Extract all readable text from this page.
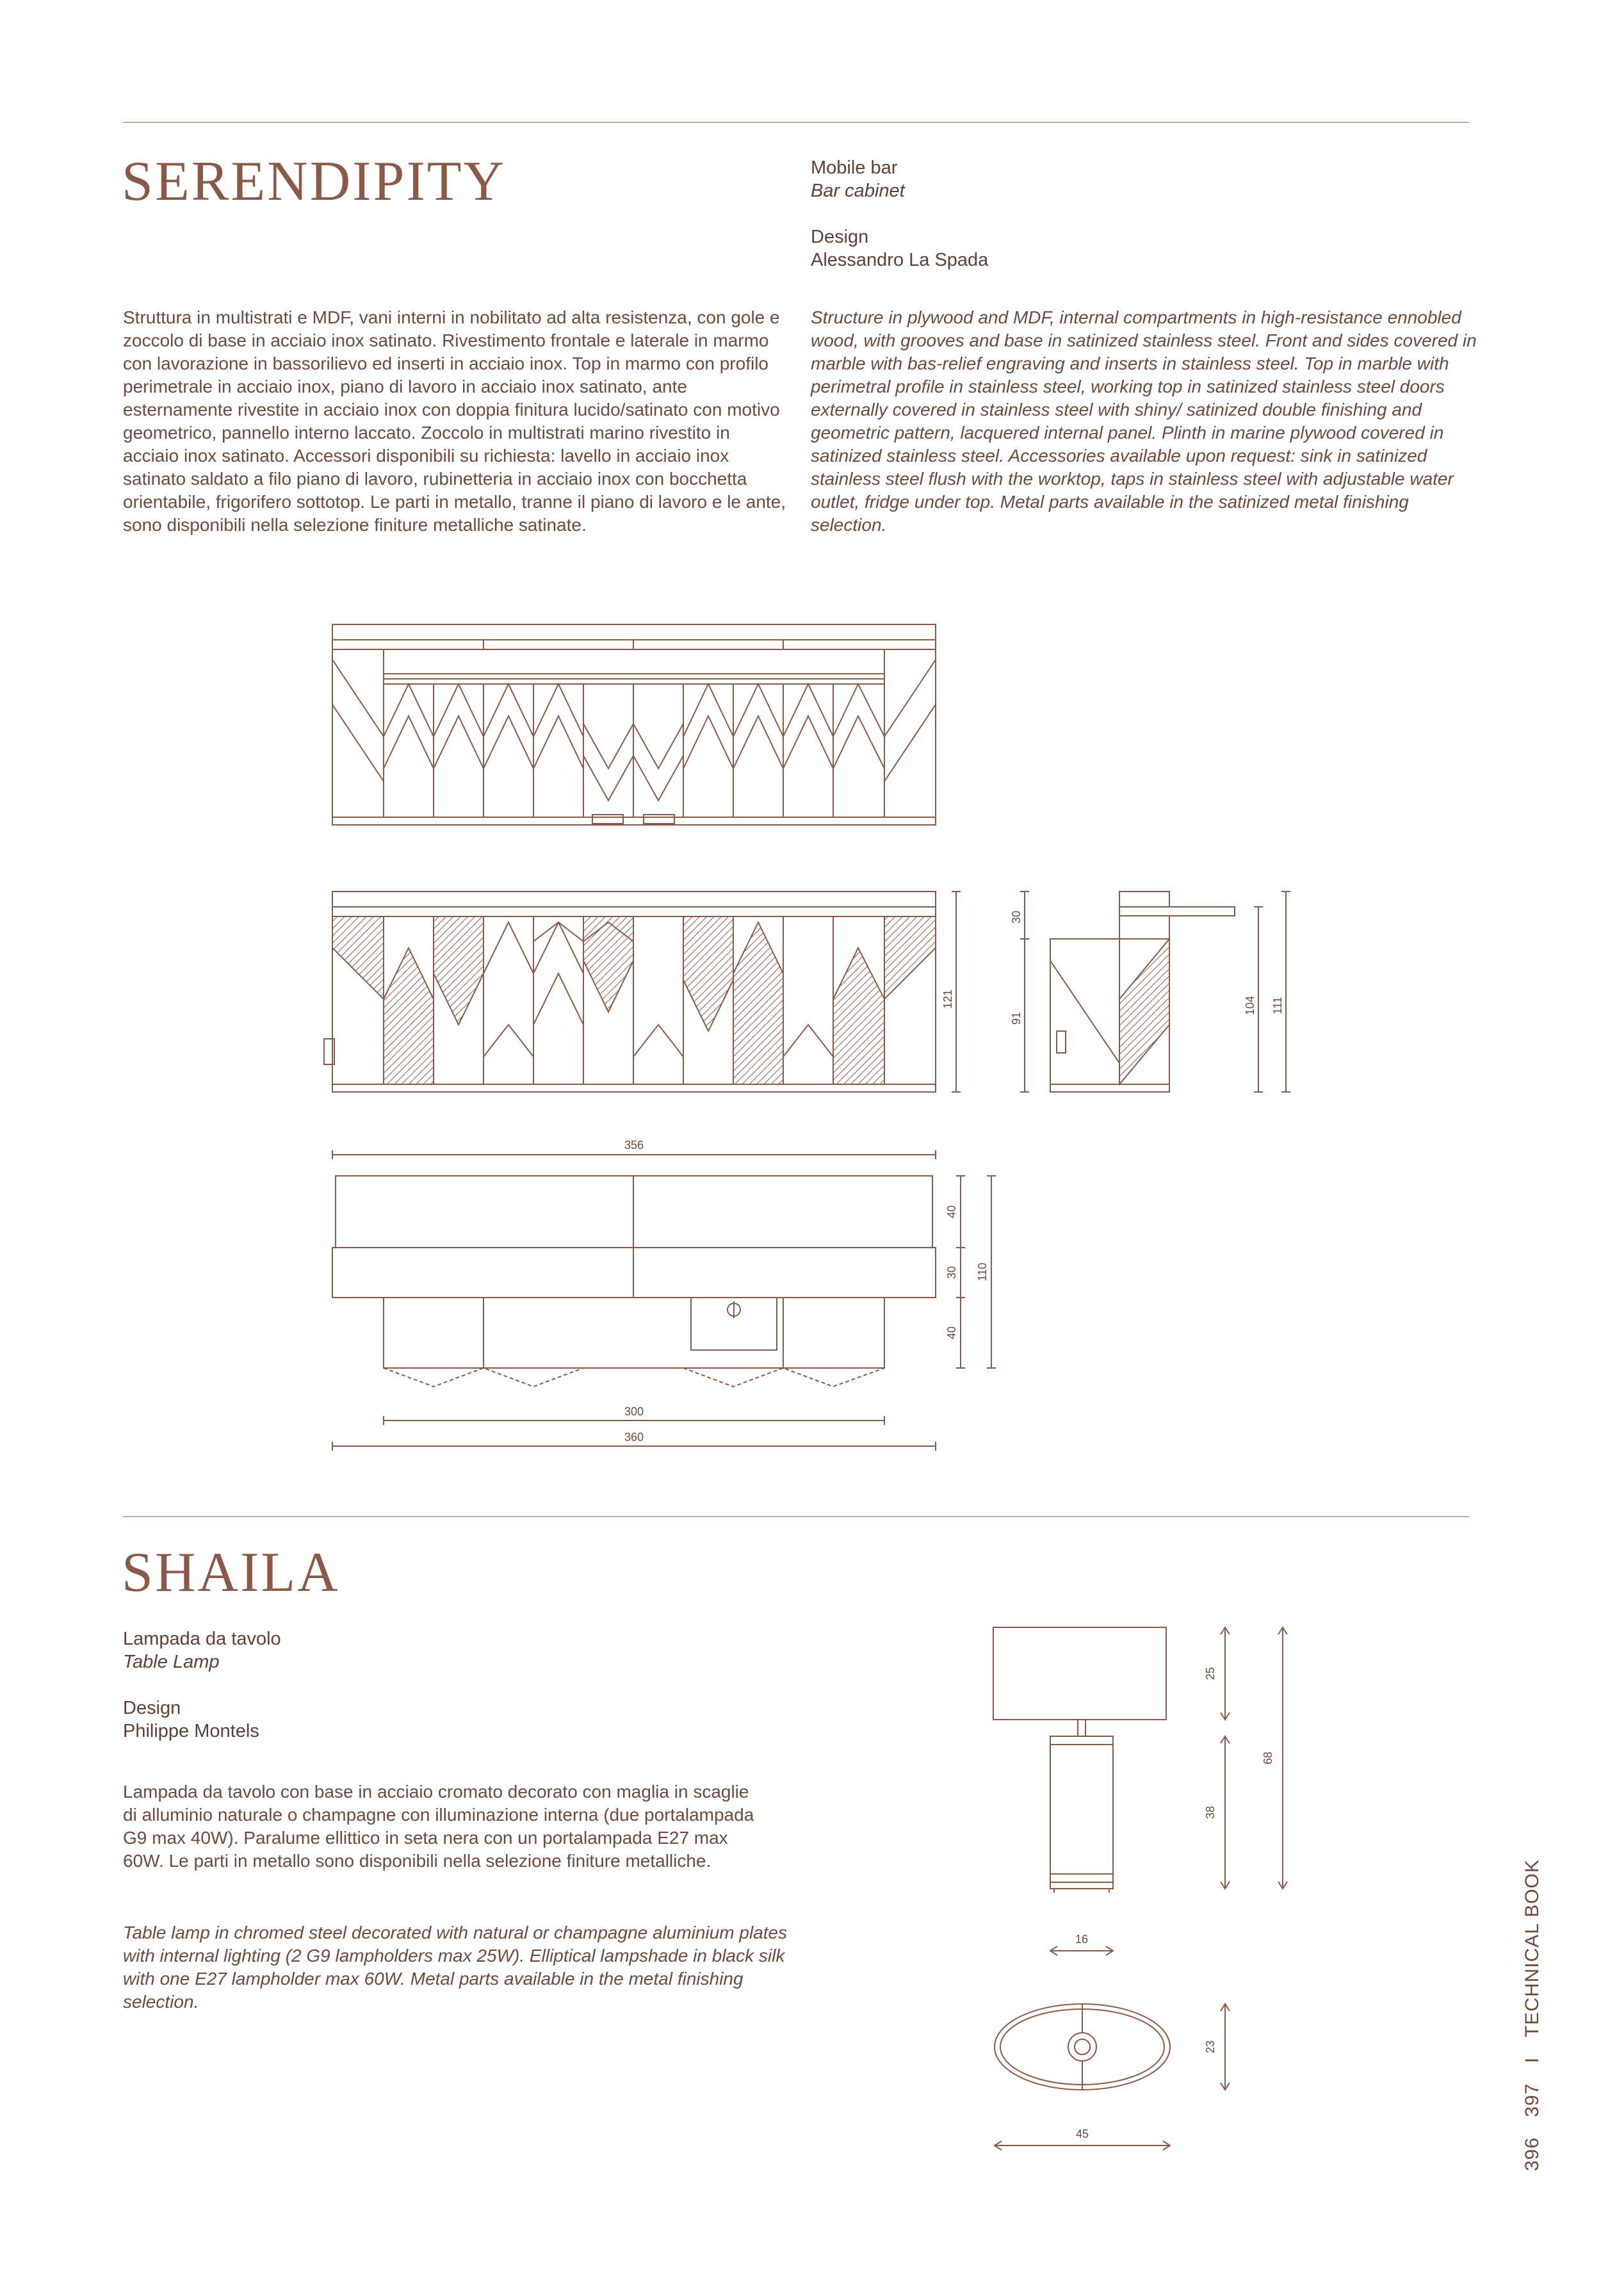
SERENDIPITY	Mobile bar
Bar cabinet
Design
Alessandro La Spada

Struttura in multistrati e MDF, vani interni in nobilitato ad alta resistenza, con gole e zoccolo di base in acciaio inox satinato. Rivestimento frontale e laterale in marmo con lavorazione in bassorilievo ed inserti in acciaio inox. Top in marmo con profilo perimetrale in acciaio inox, piano di lavoro in acciaio inox satinato, ante esternamente rivestite in acciaio inox con doppia finitura lucido/satinato con motivo geometrico, pannello interno laccato. Zoccolo in multistrati marino rivestito in acciaio inox satinato. Accessori disponibili su richiesta: lavello in acciaio inox satinato saldato a filo piano di lavoro, rubinetteria in acciaio inox con bocchetta orientabile, frigorifero sottotop. Le parti in metallo, tranne il piano di lavoro e le ante, sono disponibili nella selezione finiture metalliche satinate.

Structure in plywood and MDF, internal compartments in high-resistance ennobled wood, with grooves and base in satinized stainless steel. Front and sides covered in marble with bas-relief engraving and inserts in stainless steel. Top in marble with perimetral profile in stainless steel, working top in satinized stainless steel doors externally covered in stainless steel with shiny/ satinized double finishing and geometric pattern, lacquered internal panel. Plinth in marine plywood covered in satinized stainless steel. Accessories available upon request: sink in satinized stainless steel flush with the worktop, taps in stainless steel with adjustable water outlet, fridge under top. Metal parts available in the satinized metal finishing selection.

121
30
91
104 111
356
40
30
40
110
300
360
SHAILA
Lampada da tavolo
Table Lamp
Design
Philippe Montels

Lampada da tavolo con base in acciaio cromato decorato con maglia in scaglie di alluminio naturale o champagne con illuminazione interna (due portalampada G9 max 40W). Paralume ellittico in seta nera con un portalampada E27 max 60W. Le parti in metallo sono disponibili nella selezione finiture metalliche.

Table lamp in chromed steel decorated with natural or champagne aluminium plates with internal lighting (2 G9 lampholders max 25W). Elliptical lampshade in black silk with one E27 lampholder max 60W. Metal parts available in the metal finishing selection.

25
38
68
16
23
45
396 397 I TECHNICAL BOOK
